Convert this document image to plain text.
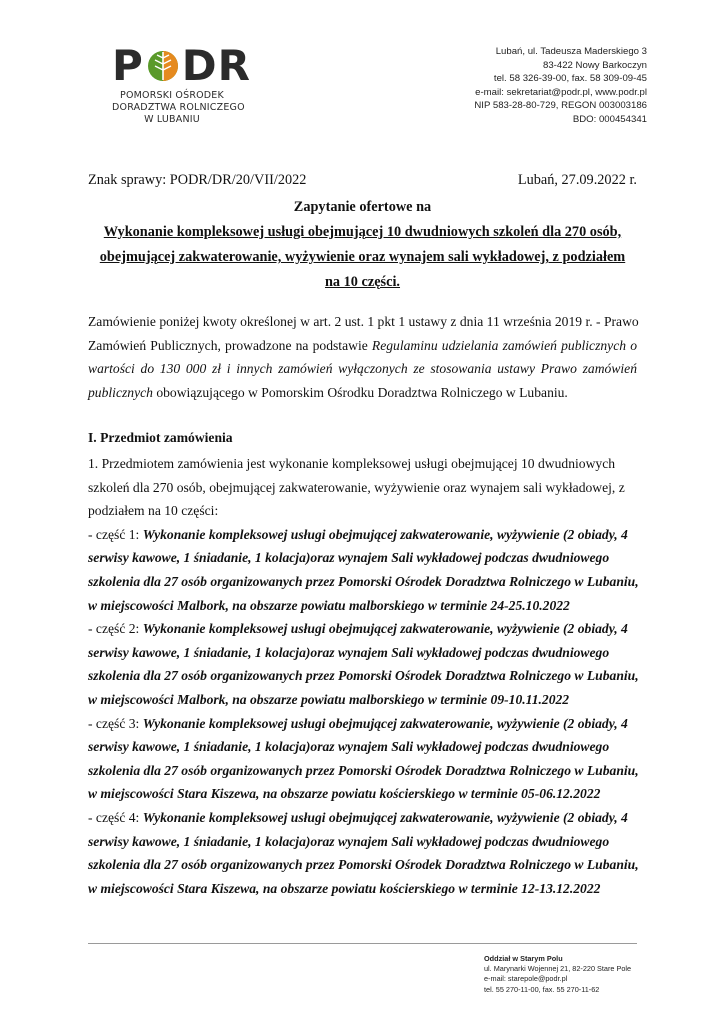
P DR
POMORSKI OŚRODEK
DORADZTWA ROLNICZEGO
W LUBANIU
Lubań, ul. Tadeusza Maderskiego 3
83-422 Nowy Barkoczyn
tel. 58 326-39-00, fax. 58 309-09-45
e-mail: sekretariat@podr.pl, www.podr.pl
NIP 583-28-80-729, REGON 003003186
BDO: 000454341
Znak sprawy: PODR/DR/20/VII/2022	Lubań, 27.09.2022 r.
Zapytanie ofertowe na
Wykonanie kompleksowej usługi obejmującej 10 dwudniowych szkoleń dla 270 osób,
obejmującej zakwaterowanie, wyżywienie oraz wynajem sali wykładowej, z podziałem
na 10 części.
Zamówienie poniżej kwoty określonej w art. 2 ust. 1 pkt 1 ustawy z dnia 11 września 2019 r. - Prawo
Zamówień Publicznych, prowadzone na podstawie Regulaminu udzielania zamówień publicznych o
wartości do 130 000 zł i innych zamówień wyłączonych ze stosowania ustawy Prawo zamówień
publicznych obowiązującego w Pomorskim Ośrodku Doradztwa Rolniczego w Lubaniu.
I. Przedmiot zamówienia
1. Przedmiotem zamówienia jest wykonanie kompleksowej usługi obejmującej 10 dwudniowych
szkoleń dla 270 osób, obejmującej zakwaterowanie, wyżywienie oraz wynajem sali wykładowej, z
podziałem na 10 części:
- część 1: Wykonanie kompleksowej usługi obejmującej zakwaterowanie, wyżywienie (2 obiady, 4
serwisy kawowe, 1 śniadanie, 1 kolacja)oraz wynajem Sali wykładowej podczas dwudniowego
szkolenia dla 27 osób organizowanych przez Pomorski Ośrodek Doradztwa Rolniczego w Lubaniu,
w miejscowości Malbork, na obszarze powiatu malborskiego w terminie 24-25.10.2022
- część 2: Wykonanie kompleksowej usługi obejmującej zakwaterowanie, wyżywienie (2 obiady, 4
serwisy kawowe, 1 śniadanie, 1 kolacja)oraz wynajem Sali wykładowej podczas dwudniowego
szkolenia dla 27 osób organizowanych przez Pomorski Ośrodek Doradztwa Rolniczego w Lubaniu,
w miejscowości Malbork, na obszarze powiatu malborskiego w terminie 09-10.11.2022
- część 3: Wykonanie kompleksowej usługi obejmującej zakwaterowanie, wyżywienie (2 obiady, 4
serwisy kawowe, 1 śniadanie, 1 kolacja)oraz wynajem Sali wykładowej podczas dwudniowego
szkolenia dla 27 osób organizowanych przez Pomorski Ośrodek Doradztwa Rolniczego w Lubaniu,
w miejscowości Stara Kiszewa, na obszarze powiatu kościerskiego w terminie 05-06.12.2022
- część 4: Wykonanie kompleksowej usługi obejmującej zakwaterowanie, wyżywienie (2 obiady, 4
serwisy kawowe, 1 śniadanie, 1 kolacja)oraz wynajem Sali wykładowej podczas dwudniowego
szkolenia dla 27 osób organizowanych przez Pomorski Ośrodek Doradztwa Rolniczego w Lubaniu,
w miejscowości Stara Kiszewa, na obszarze powiatu kościerskiego w terminie 12-13.12.2022
Oddział w Starym Polu
ul. Marynarki Wojennej 21, 82-220 Stare Pole
e-mail: starepole@podr.pl
tel. 55 270-11-00, fax. 55 270-11-62
